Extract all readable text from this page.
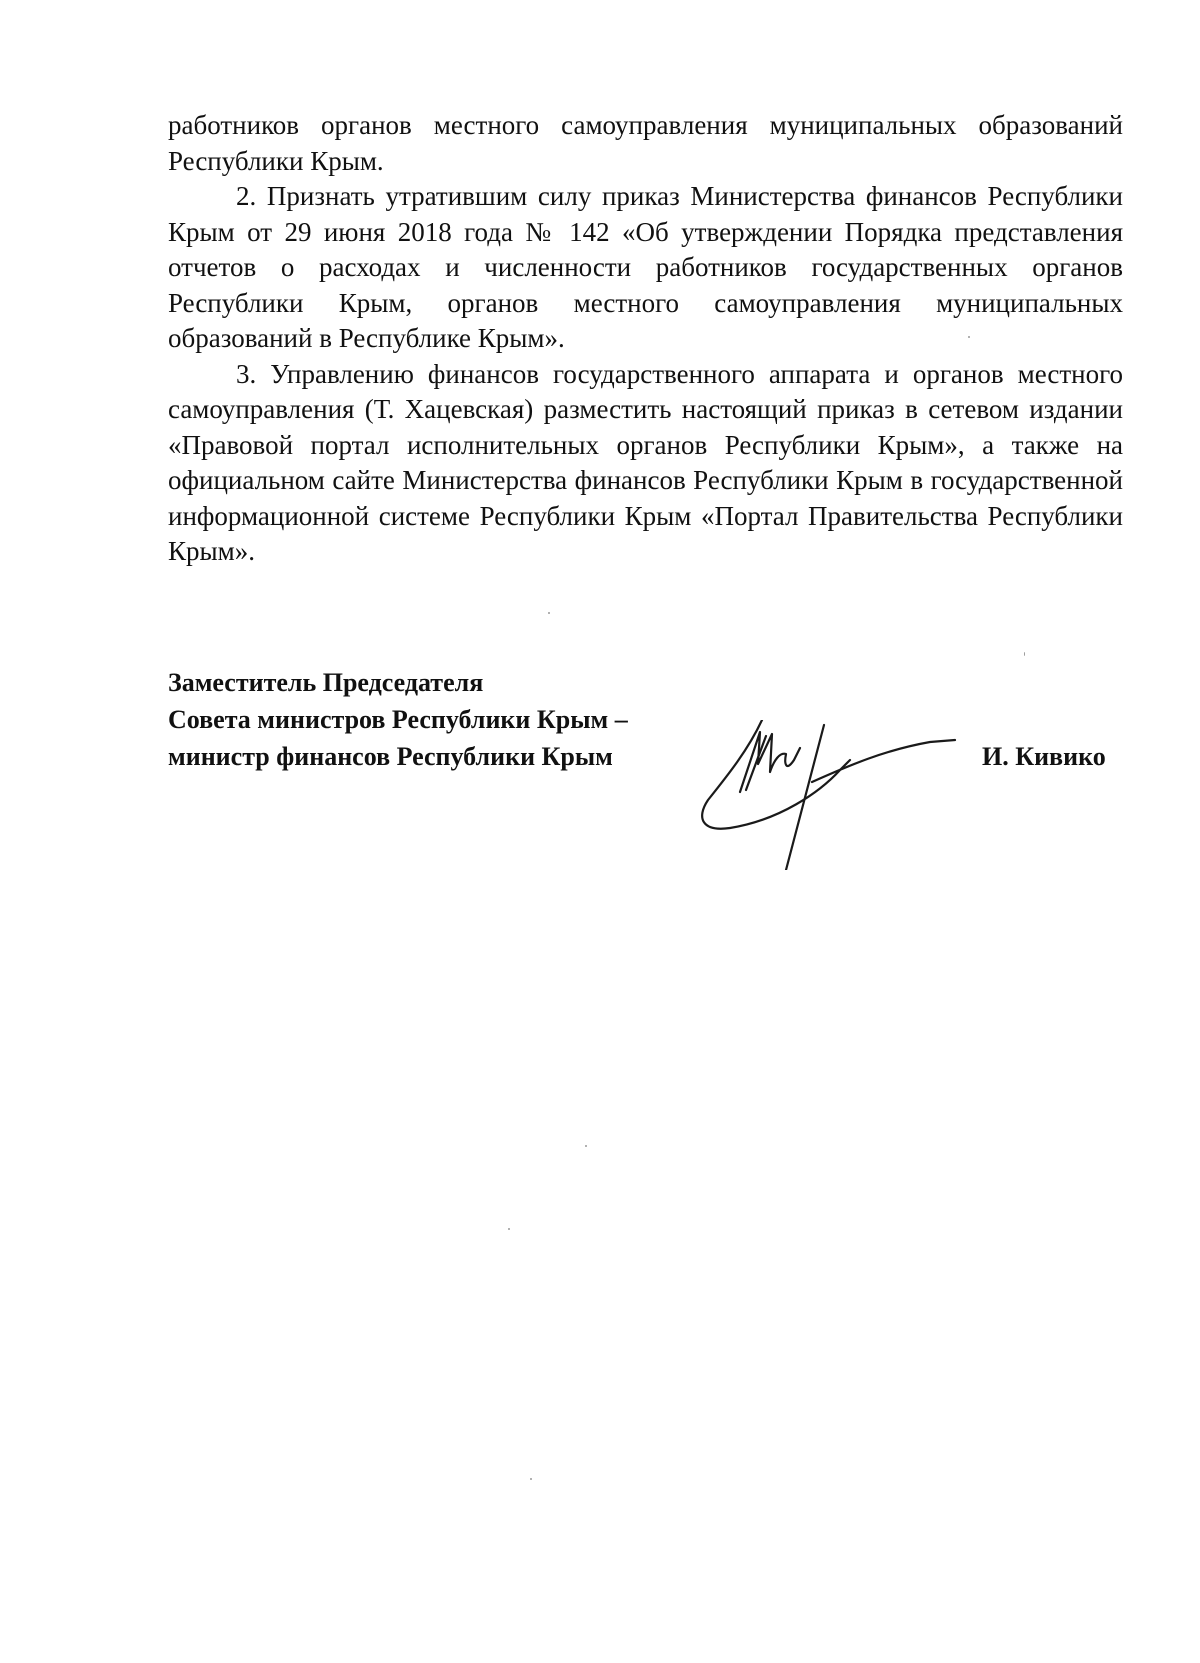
работников органов местного самоуправления муниципальных образований Республики Крым.

2. Признать утратившим силу приказ Министерства финансов Республики Крым от 29 июня 2018 года № 142 «Об утверждении Порядка представления отчетов о расходах и численности работников государственных органов Республики Крым, органов местного самоуправления муниципальных образований в Республике Крым».

3. Управлению финансов государственного аппарата и органов местного самоуправления (Т. Хацевская) разместить настоящий приказ в сетевом издании «Правовой портал исполнительных органов Республики Крым», а также на официальном сайте Министерства финансов Республики Крым в государственной информационной системе Республики Крым «Портал Правительства Республики Крым».

Заместитель Председателя
Совета министров Республики Крым –
министр финансов Республики Крым	И. Кивико
